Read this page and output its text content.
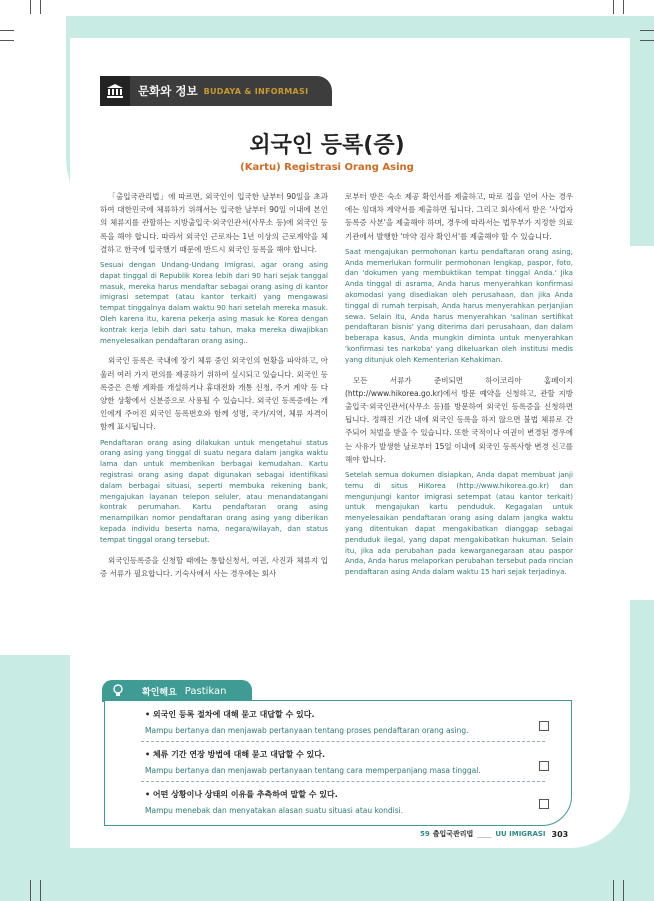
문화와 정보 BUDAYA & INFORMASI
외국인 등록(증)
(Kartu) Registrasi Orang Asing

「출입국관리법」에 따르면, 외국인이 입국한 날부터 90일을 초과하여 대한민국에 체류하기 위해서는 입국한 날부터 90일 이내에 본인의 체류지를 관할하는 지방출입국·외국인관서(사무소 등)에 외국인 등록을 해야 합니다. 따라서 외국인 근로자는 1년 이상의 근로계약을 체결하고 한국에 입국했기 때문에 반드시 외국인 등록을 해야 합니다.

Sesuai dengan Undang-Undang Imigrasi, agar orang asing dapat tinggal di Republik Korea lebih dari 90 hari sejak tanggal masuk, mereka harus mendaftar sebagai orang asing di kantor imigrasi setempat (atau kantor terkait) yang mengawasi tempat tinggalnya dalam waktu 90 hari setelah mereka masuk. Oleh karena itu, karena pekerja asing masuk ke Korea dengan kontrak kerja lebih dari satu tahun, maka mereka diwajibkan menyelesaikan pendaftaran orang asing..

외국인 등록은 국내에 장기 체류 중인 외국인의 현황을 파악하고, 아울러 여러 가지 편의를 제공하기 위하여 실시되고 있습니다. 외국인 등록증은 은행 계좌를 개설하거나 휴대전화 개통 신청, 주거 계약 등 다양한 상황에서 신분증으로 사용될 수 있습니다. 외국인 등록증에는 개인에게 주어진 외국인 등록번호와 함께 성명, 국가/지역, 체류 자격이 함께 표시됩니다.

Pendaftaran orang asing dilakukan untuk mengetahui status orang asing yang tinggal di suatu negara dalam jangka waktu lama dan untuk memberikan berbagai kemudahan. Kartu registrasi orang asing dapat digunakan sebagai identifikasi dalam berbagai situasi, seperti membuka rekening bank, mengajukan layanan telepon seluler, atau menandatangani kontrak perumahan. Kartu pendaftaran orang asing menampilkan nomor pendaftaran orang asing yang diberikan kepada individu beserta nama, negara/wilayah, dan status tempat tinggal orang tersebut.

외국인등록증을 신청할 때에는 통합신청서, 여권, 사진과 체류지 입증 서류가 필요합니다. 기숙사에서 사는 경우에는 회사

로부터 받은 숙소 제공 확인서를 제출하고, 따로 집을 얻어 사는 경우에는 임대차 계약서를 제출하면 됩니다. 그리고 회사에서 받은 '사업자 등록증 사본'을 제출해야 하며, 경우에 따라서는 법무부가 지정한 의료기관에서 발행한 '마약 검사 확인서'를 제출해야 할 수 있습니다.

Saat mengajukan permohonan kartu pendaftaran orang asing, Anda memerlukan formulir permohonan lengkap, paspor, foto, dan 'dokumen yang membuktikan tempat tinggal Anda.' Jika Anda tinggal di asrama, Anda harus menyerahkan konfirmasi akomodasi yang disediakan oleh perusahaan, dan jika Anda tinggal di rumah terpisah, Anda harus menyerahkan perjanjian sewa. Selain itu, Anda harus menyerahkan 'salinan sertifikat pendaftaran bisnis' yang diterima dari perusahaan, dan dalam beberapa kasus, Anda mungkin diminta untuk menyerahkan 'konfirmasi tes narkoba' yang dikeluarkan oleh institusi medis yang ditunjuk oleh Kementerian Kehakiman.

모든 서류가 준비되면 하이코리아 홈페이지(http://www.hikorea.go.kr)에서 방문 예약을 신청하고, 관할 지방출입국·외국인관서(사무소 등)를 방문하여 외국인 등록증을 신청하면 됩니다. 정해진 기간 내에 외국인 등록을 하지 않으면 불법 체류로 간주되어 처벌을 받을 수 있습니다. 또한 국적이나 여권이 변경된 경우에는 사유가 발생한 날로부터 15일 이내에 외국인 등록사항 변경 신고를 해야 합니다.

Setelah semua dokumen disiapkan, Anda dapat membuat janji temu di situs HiKorea (http://www.hikorea.go.kr) dan mengunjungi kantor imigrasi setempat (atau kantor terkait) untuk mengajukan kartu penduduk. Kegagalan untuk menyelesaikan pendaftaran orang asing dalam jangka waktu yang ditentukan dapat mengakibatkan dianggap sebagai penduduk ilegal, yang dapat mengakibatkan hukuman. Selain itu, jika ada perubahan pada kewarganegaraan atau paspor Anda, Anda harus melaporkan perubahan tersebut pada rincian pendaftaran asing Anda dalam waktu 15 hari sejak terjadinya.

확인해요 Pastikan
• 외국인 등록 절차에 대해 묻고 대답할 수 있다.
Mampu bertanya dan menjawab pertanyaan tentang proses pendaftaran orang asing.
• 체류 기간 연장 방법에 대해 묻고 대답할 수 있다.
Mampu bertanya dan menjawab pertanyaan tentang cara memperpanjang masa tinggal.
• 어떤 상황이나 상태의 이유를 추측하여 말할 수 있다.
Mampu menebak dan menyatakan alasan suatu situasi atau kondisi.
59 출입국관리법 ____ UU IMIGRASI 303
